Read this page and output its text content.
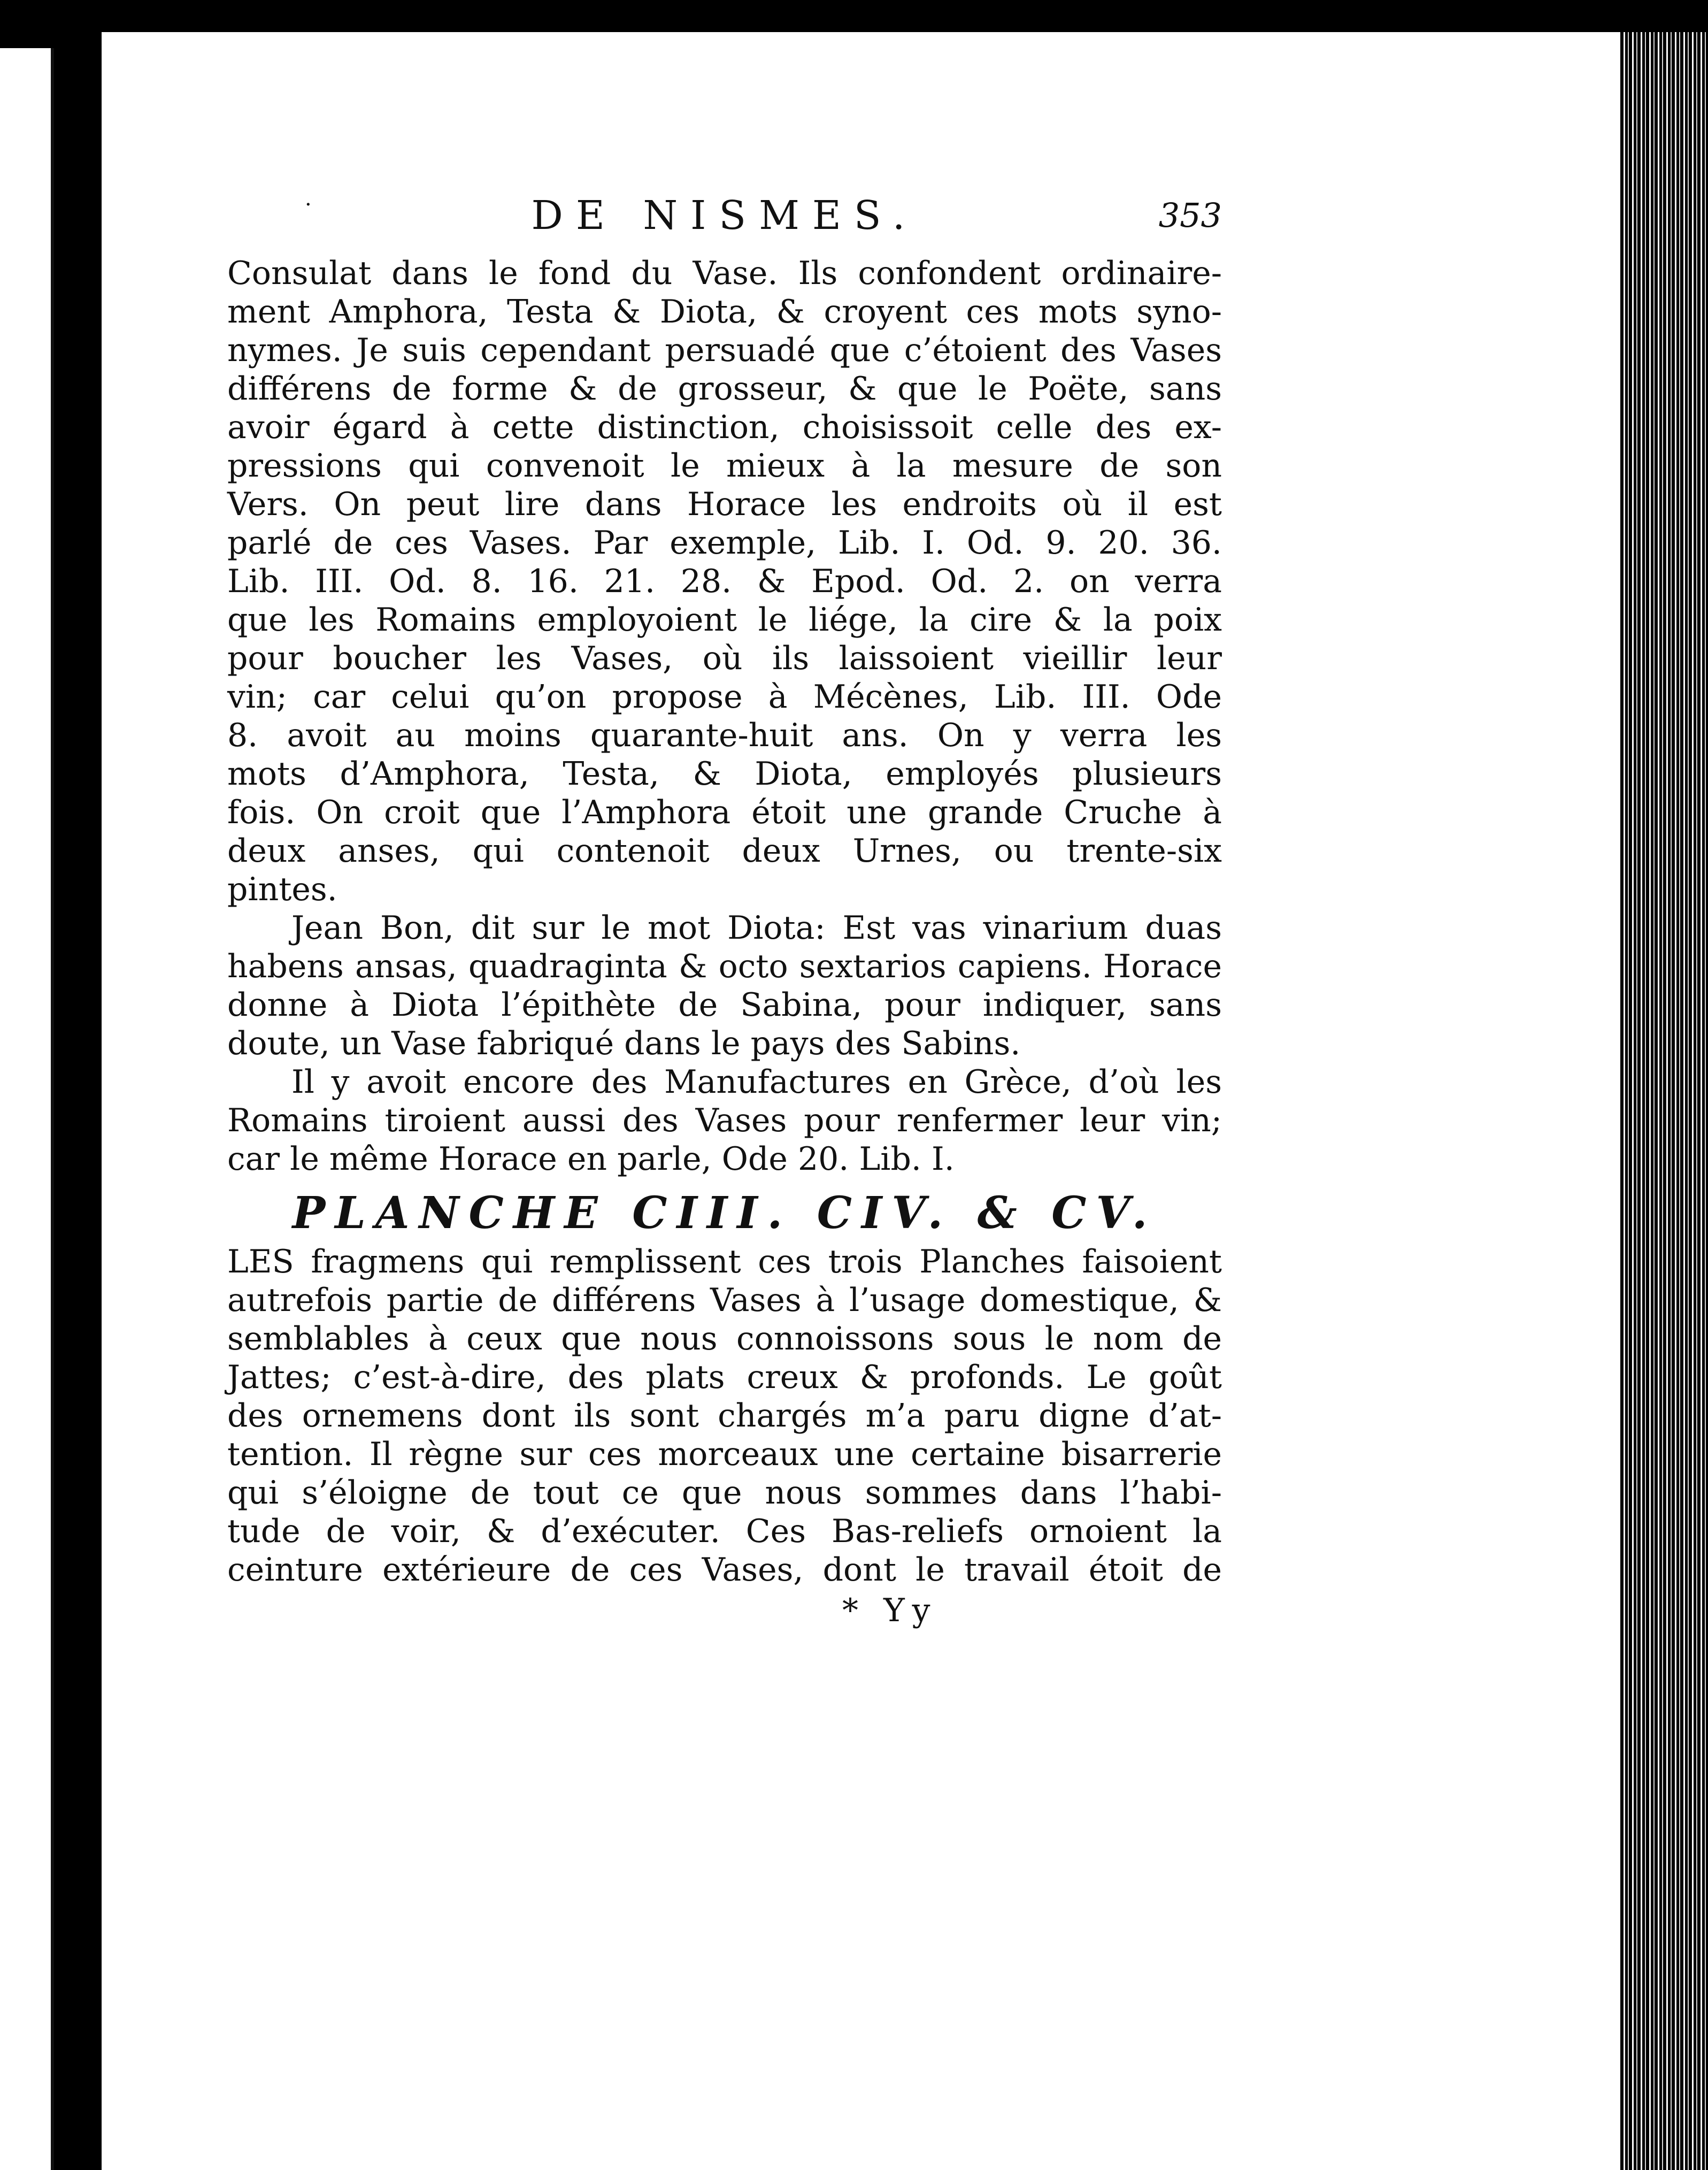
·	DE NISMES.	353
Consulat dans le fond du Vase. Ils confondent ordinaire-
ment Amphora, Testa & Diota, & croyent ces mots syno-
nymes. Je suis cependant persuadé que c’étoient des Vases
différens de forme & de grosseur, & que le Poëte, sans
avoir égard à cette distinction, choisissoit celle des ex-
pressions qui convenoit le mieux à la mesure de son
Vers. On peut lire dans Horace les endroits où il est
parlé de ces Vases. Par exemple, Lib. I. Od. 9. 20. 36.
Lib. III. Od. 8. 16. 21. 28. & Epod. Od. 2. on verra
que les Romains employoient le liége, la cire & la poix
pour boucher les Vases, où ils laissoient vieillir leur
vin; car celui qu’on propose à Mécènes, Lib. III. Ode
8. avoit au moins quarante-huit ans. On y verra les
mots d’Amphora, Testa, & Diota, employés plusieurs
fois. On croit que l’Amphora étoit une grande Cruche à
deux anses, qui contenoit deux Urnes, ou trente-six
pintes.
Jean Bon, dit sur le mot Diota: Est vas vinarium duas
habens ansas, quadraginta & octo sextarios capiens. Horace
donne à Diota l’épithète de Sabina, pour indiquer, sans
doute, un Vase fabriqué dans le pays des Sabins.
Il y avoit encore des Manufactures en Grèce, d’où les
Romains tiroient aussi des Vases pour renfermer leur vin;
car le même Horace en parle, Ode 20. Lib. I.
PLANCHE CIII. CIV. & CV.
LES fragmens qui remplissent ces trois Planches faisoient
autrefois partie de différens Vases à l’usage domestique, &
semblables à ceux que nous connoissons sous le nom de
Jattes; c’est-à-dire, des plats creux & profonds. Le goût
des ornemens dont ils sont chargés m’a paru digne d’at-
tention. Il règne sur ces morceaux une certaine bisarrerie
qui s’éloigne de tout ce que nous sommes dans l’habi-
tude de voir, & d’exécuter. Ces Bas-reliefs ornoient la
ceinture extérieure de ces Vases, dont le travail étoit de
* Yy
